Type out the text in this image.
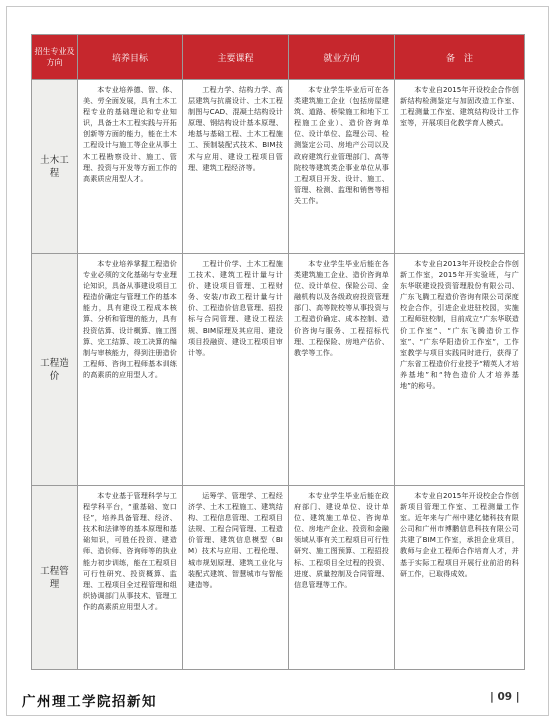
招生专业及方向	培养目标	主要课程	就业方向	备　注
土木工程	本专业培养德、智、体、美、劳全面发展，具有土木工程专业的基础理论和专业知识，具备土木工程实践与开拓创新等方面的能力，能在土木工程设计与施工等企业从事土木工程勘察设计、施工、管理、投资与开发等方面工作的高素质应用型人才。	工程力学、结构力学、高层建筑与抗震设计、土木工程制图与CAD、混凝土结构设计原理、钢结构设计基本原理、地基与基础工程、土木工程施工、预制装配式技术、BIM技术与应用、建设工程项目管理、建筑工程经济等。	本专业学生毕业后可在各类建筑施工企业（包括房屋建筑、道路、桥梁施工和地下工程施工企业）、造价咨询单位、设计单位、监理公司、检测鉴定公司、房地产公司以及政府建筑行业管理部门、高等院校等建筑类企事业单位从事工程项目开发、设计、施工、管理、检测、监理和销售等相关工作。	本专业自2015年开设校企合作创新结构检测鉴定与加固改造工作室、工程测量工作室、建筑结构设计工作室等，开展项目化教学育人模式。

工程造价	本专业培养掌握工程造价专业必须的文化基础与专业理论知识，具备从事建设项目工程造价确定与管理工作的基本能力，具有建设工程成本核算、分析和管理的能力，具有投资估算、设计概算、施工图算、完工结算、竣工决算的编制与审核能力，得到注册造价工程师、咨询工程师基本训练的高素质的应用型人才。	工程计价学、土木工程施工技术、建筑工程计量与计价、建设项目管理、工程财务、安装/市政工程计量与计价、工程造价信息管理、招投标与合同管理、建设工程法规、BIM原理及其应用、建设项目投融资、建设工程项目审计等。	本专业学生毕业后能在各类建筑施工企业、造价咨询单位、设计单位、保险公司、金融机构以及各级政府投资管理部门、高等院校等从事投资与工程造价确定、成本控制、造价咨询与服务、工程招标代理、工程保险、房地产估价、教学等工作。	本专业自2013年开设校企合作创新工作室，2015年开实验班，与广东华联建设投资管理股份有限公司、广东飞腾工程造价咨询有限公司深度校企合作，引进企业进驻校园，实施工程师驻校制，目前成立“广东华联造价工作室”、“广东飞腾造价工作室”、“广东华阳造价工作室”，工作室教学与项目实践同时进行，获得了广东省工程造价行业授予“精英人才培养基地”和“特色造价人才培养基地”的称号。

工程管理	本专业基于管理科学与工程学科平台，“重基础、宽口径”，培养具备管理、经济、技术和法律等的基本原理和基础知识，可胜任投资、建造师、造价师、咨询师等的执业能力初步训练，能在工程项目可行性研究、投资概算、监理、工程项目全过程管理和组织协调部门从事技术、管理工作的高素质应用型人才。	运筹学、管理学、工程经济学、土木工程施工、建筑结构、工程信息管理、工程项目法规、工程合同管理、工程造价管理、建筑信息模型（BIM）技术与应用、工程伦理、城市规划原理、建筑工业化与装配式建筑、智慧城市与智能建造等。	本专业学生毕业后能在政府部门、建设单位、设计单位、建筑施工单位、咨询单位、房地产企业、投资和金融领域从事有关工程项目可行性研究、施工图预算、工程招投标、工程项目全过程的投资、进度、质量控制及合同管理、信息管理等工作。	本专业自2015年开设校企合作创新项目管理工作室、工程测量工作室。近年来与广州中建亿储科技有限公司和广州市博鹏信息科技有限公司共建了BIM工作室，承担企业项目，教师与企业工程师合作培育人才，并基于实际工程项目开展行业前沿的科研工作，已取得成效。
广州理工学院招新知	| 09 |
